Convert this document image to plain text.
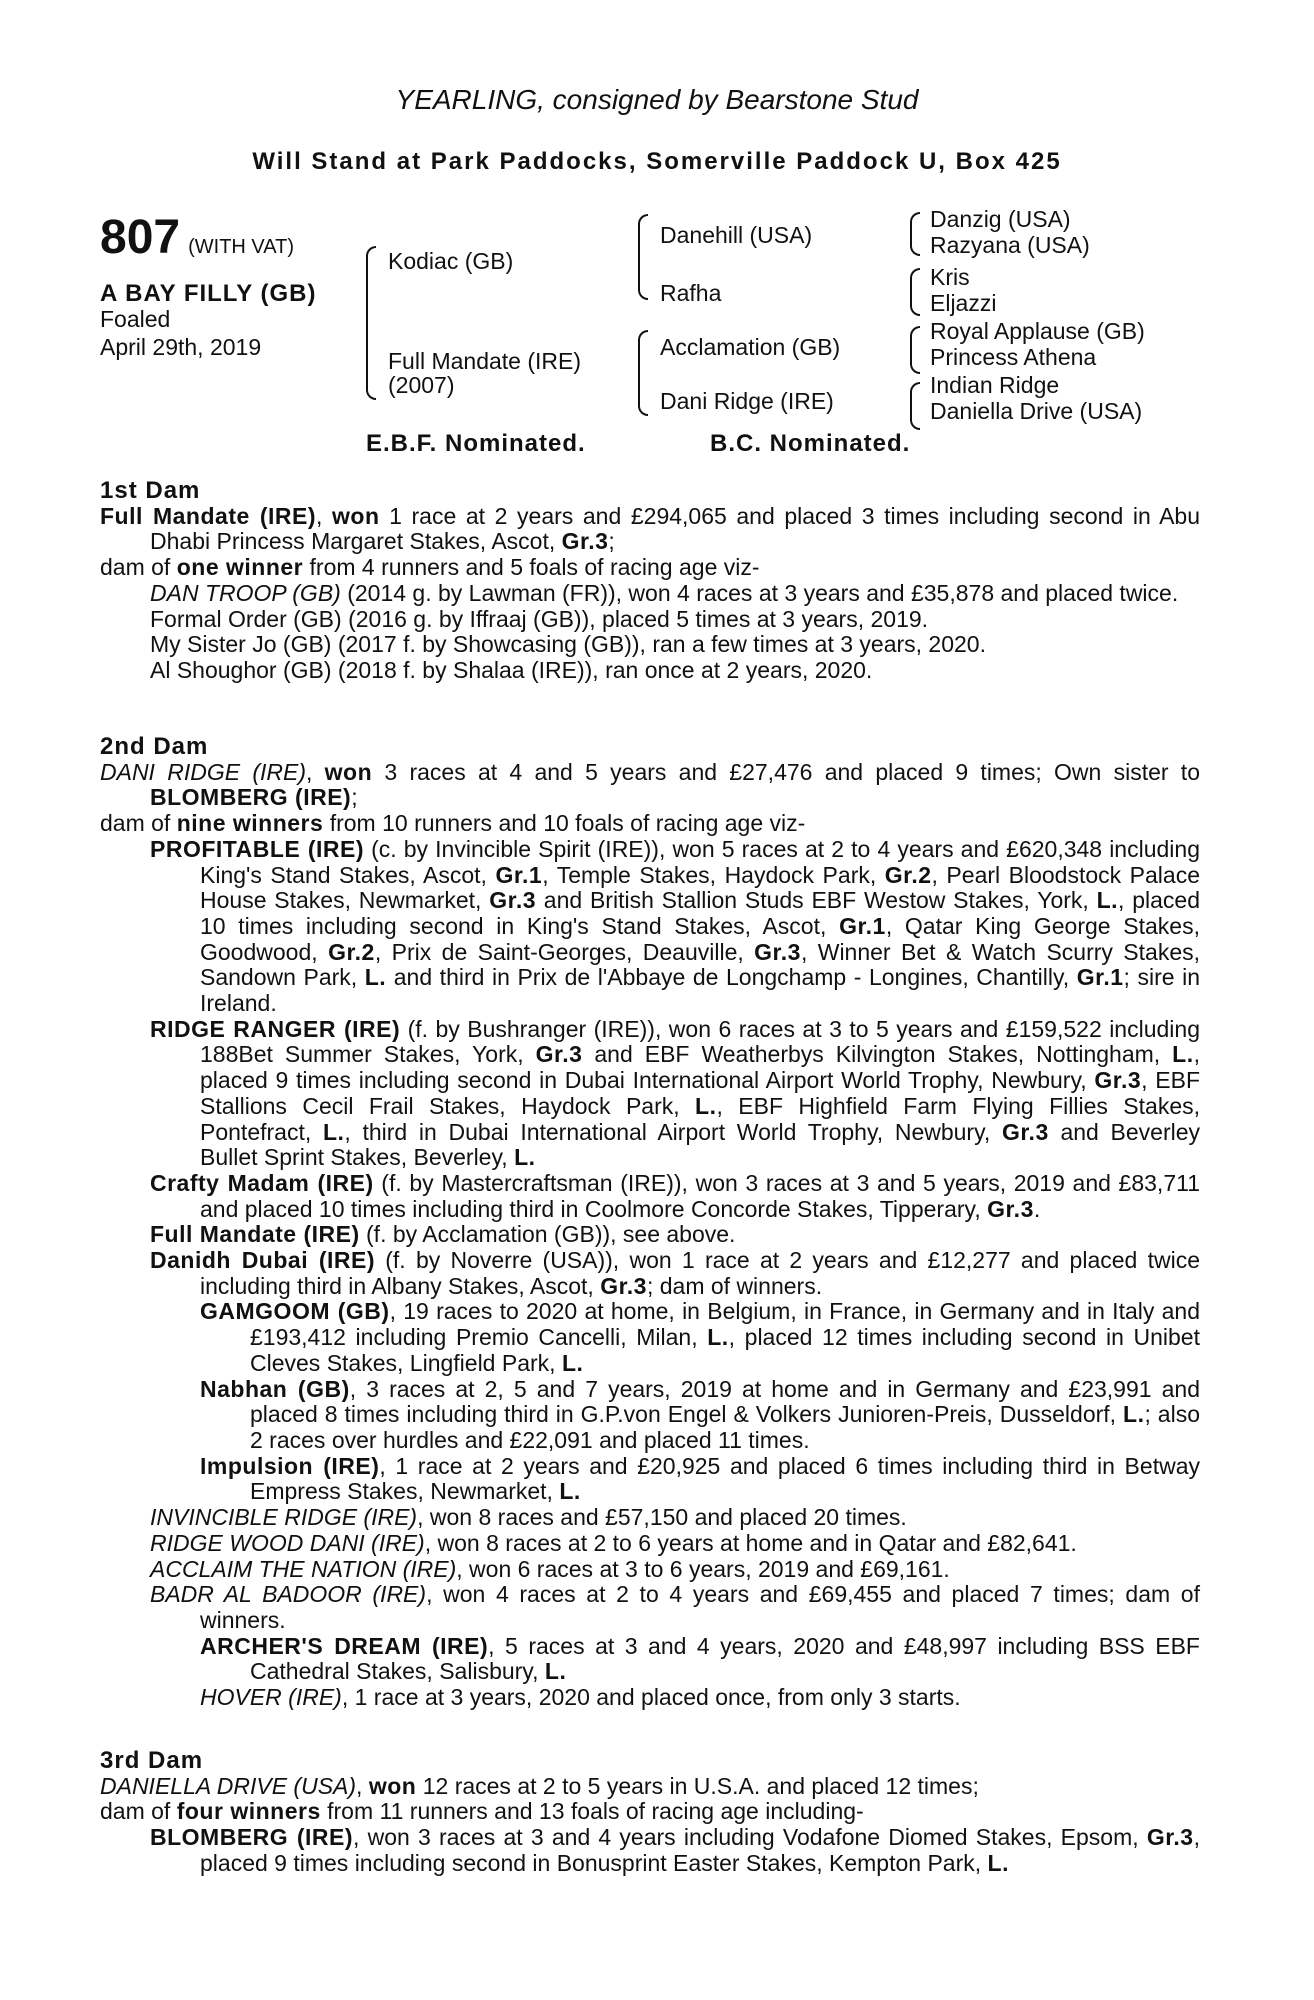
YEARLING, consigned by Bearstone Stud
Will Stand at Park Paddocks, Somerville Paddock U, Box 425
807 (WITH VAT)
A BAY FILLY (GB)
Foaled
April 29th, 2019
Kodiac (GB)
Full Mandate (IRE)
(2007)
Danehill (USA)
Rafha
Acclamation (GB)
Dani Ridge (IRE)
Danzig (USA)
Razyana (USA)
Kris
Eljazzi
Royal Applause (GB)
Princess Athena
Indian Ridge
Daniella Drive (USA)
E.B.F. Nominated.	B.C. Nominated.
1st Dam

Full Mandate (IRE), won 1 race at 2 years and £294,065 and placed 3 times including second in Abu Dhabi Princess Margaret Stakes, Ascot, Gr.3;

dam of one winner from 4 runners and 5 foals of racing age viz-

DAN TROOP (GB) (2014 g. by Lawman (FR)), won 4 races at 3 years and £35,878 and placed twice.

Formal Order (GB) (2016 g. by Iffraaj (GB)), placed 5 times at 3 years, 2019.

My Sister Jo (GB) (2017 f. by Showcasing (GB)), ran a few times at 3 years, 2020.

Al Shoughor (GB) (2018 f. by Shalaa (IRE)), ran once at 2 years, 2020.

2nd Dam

DANI RIDGE (IRE), won 3 races at 4 and 5 years and £27,476 and placed 9 times; Own sister to BLOMBERG (IRE);

dam of nine winners from 10 runners and 10 foals of racing age viz-

PROFITABLE (IRE) (c. by Invincible Spirit (IRE)), won 5 races at 2 to 4 years and £620,348 including King's Stand Stakes, Ascot, Gr.1, Temple Stakes, Haydock Park, Gr.2, Pearl Bloodstock Palace House Stakes, Newmarket, Gr.3 and British Stallion Studs EBF Westow Stakes, York, L., placed 10 times including second in King's Stand Stakes, Ascot, Gr.1, Qatar King George Stakes, Goodwood, Gr.2, Prix de Saint-Georges, Deauville, Gr.3, Winner Bet & Watch Scurry Stakes, Sandown Park, L. and third in Prix de l'Abbaye de Longchamp - Longines, Chantilly, Gr.1; sire in Ireland.

RIDGE RANGER (IRE) (f. by Bushranger (IRE)), won 6 races at 3 to 5 years and £159,522 including 188Bet Summer Stakes, York, Gr.3 and EBF Weatherbys Kilvington Stakes, Nottingham, L., placed 9 times including second in Dubai International Airport World Trophy, Newbury, Gr.3, EBF Stallions Cecil Frail Stakes, Haydock Park, L., EBF Highfield Farm Flying Fillies Stakes, Pontefract, L., third in Dubai International Airport World Trophy, Newbury, Gr.3 and Beverley Bullet Sprint Stakes, Beverley, L.

Crafty Madam (IRE) (f. by Mastercraftsman (IRE)), won 3 races at 3 and 5 years, 2019 and £83,711 and placed 10 times including third in Coolmore Concorde Stakes, Tipperary, Gr.3.

Full Mandate (IRE) (f. by Acclamation (GB)), see above.

Danidh Dubai (IRE) (f. by Noverre (USA)), won 1 race at 2 years and £12,277 and placed twice including third in Albany Stakes, Ascot, Gr.3; dam of winners.

GAMGOOM (GB), 19 races to 2020 at home, in Belgium, in France, in Germany and in Italy and £193,412 including Premio Cancelli, Milan, L., placed 12 times including second in Unibet Cleves Stakes, Lingfield Park, L.

Nabhan (GB), 3 races at 2, 5 and 7 years, 2019 at home and in Germany and £23,991 and placed 8 times including third in G.P.von Engel & Volkers Junioren-Preis, Dusseldorf, L.; also 2 races over hurdles and £22,091 and placed 11 times.

Impulsion (IRE), 1 race at 2 years and £20,925 and placed 6 times including third in Betway Empress Stakes, Newmarket, L.

INVINCIBLE RIDGE (IRE), won 8 races and £57,150 and placed 20 times.

RIDGE WOOD DANI (IRE), won 8 races at 2 to 6 years at home and in Qatar and £82,641.

ACCLAIM THE NATION (IRE), won 6 races at 3 to 6 years, 2019 and £69,161.

BADR AL BADOOR (IRE), won 4 races at 2 to 4 years and £69,455 and placed 7 times; dam of winners.

ARCHER'S DREAM (IRE), 5 races at 3 and 4 years, 2020 and £48,997 including BSS EBF Cathedral Stakes, Salisbury, L.

HOVER (IRE), 1 race at 3 years, 2020 and placed once, from only 3 starts.

3rd Dam

DANIELLA DRIVE (USA), won 12 races at 2 to 5 years in U.S.A. and placed 12 times;

dam of four winners from 11 runners and 13 foals of racing age including-

BLOMBERG (IRE), won 3 races at 3 and 4 years including Vodafone Diomed Stakes, Epsom, Gr.3, placed 9 times including second in Bonusprint Easter Stakes, Kempton Park, L.
